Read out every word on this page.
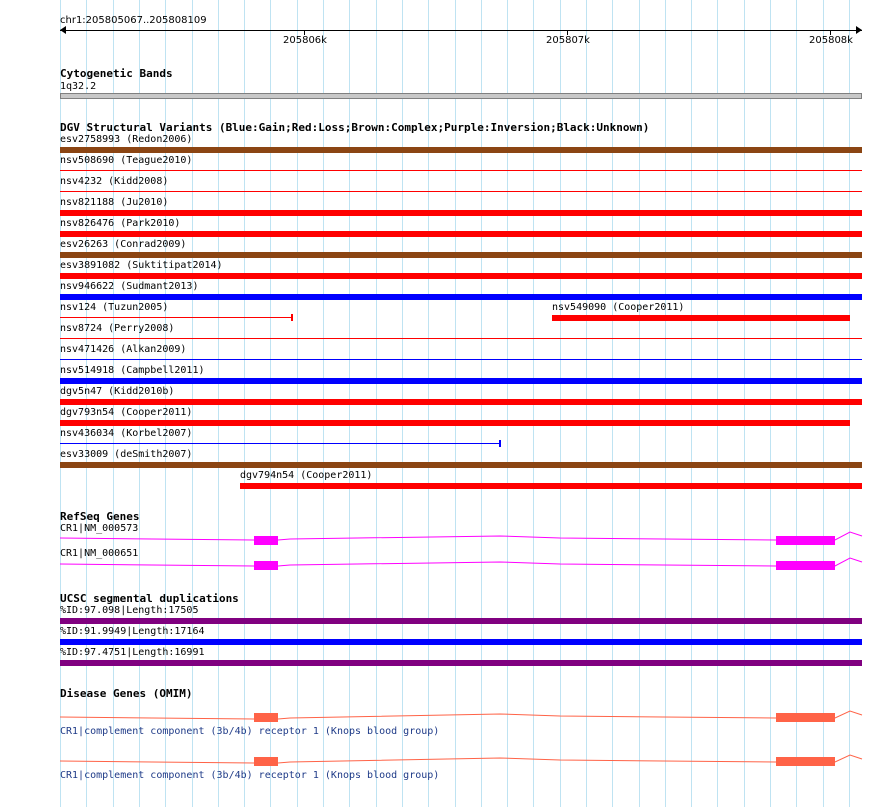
chr1:205805067..205808109
205806k	205807k	205808k
Cytogenetic Bands
1q32.2
DGV Structural Variants (Blue:Gain;Red:Loss;Brown:Complex;Purple:Inversion;Black:Unknown)
esv2758993 (Redon2006)
nsv508690 (Teague2010)
nsv4232 (Kidd2008)
nsv821188 (Ju2010)
nsv826476 (Park2010)
esv26263 (Conrad2009)
esv3891082 (Suktitipat2014)
nsv946622 (Sudmant2013)
nsv124 (Tuzun2005)	nsv549090 (Cooper2011)
nsv8724 (Perry2008)
nsv471426 (Alkan2009)
nsv514918 (Campbell2011)
dgv5n47 (Kidd2010b)
dgv793n54 (Cooper2011)
nsv436034 (Korbel2007)
esv33009 (deSmith2007)
dgv794n54 (Cooper2011)
RefSeq Genes
CR1|NM_000573
CR1|NM_000651
UCSC segmental duplications
%ID:97.098|Length:17505
%ID:91.9949|Length:17164
%ID:97.4751|Length:16991
Disease Genes (OMIM)
CR1|complement component (3b/4b) receptor 1 (Knops blood group)
CR1|complement component (3b/4b) receptor 1 (Knops blood group)
